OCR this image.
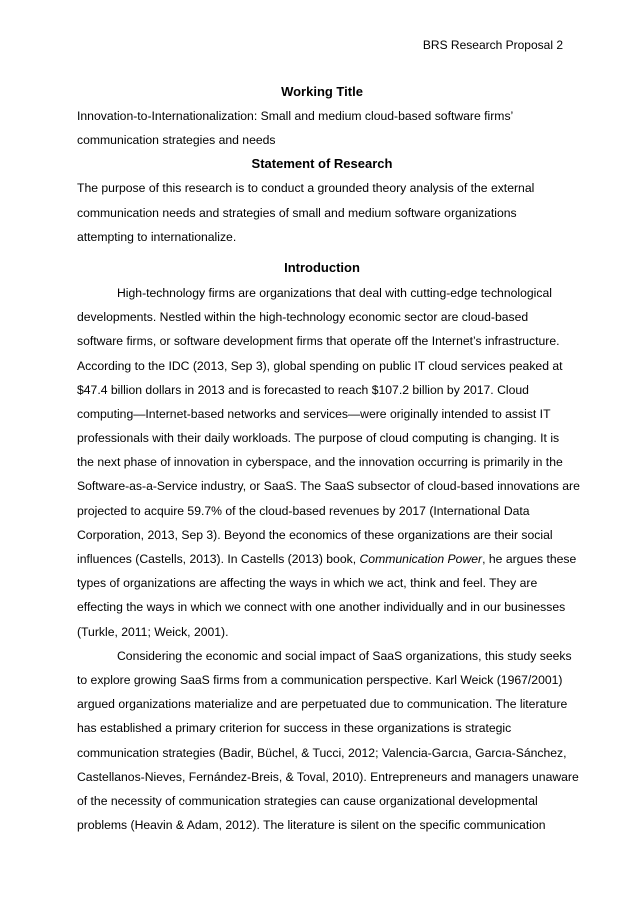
BRS Research Proposal 2
Working Title
Innovation-to-Internationalization: Small and medium cloud-based software firms’
communication strategies and needs
Statement of Research
The purpose of this research is to conduct a grounded theory analysis of the external
communication needs and strategies of small and medium software organizations
attempting to internationalize.
Introduction
High-technology firms are organizations that deal with cutting-edge technological
developments. Nestled within the high-technology economic sector are cloud-based
software firms, or software development firms that operate off the Internet’s infrastructure.
According to the IDC (2013, Sep 3), global spending on public IT cloud services peaked at
$47.4 billion dollars in 2013 and is forecasted to reach $107.2 billion by 2017. Cloud
computing—Internet-based networks and services—were originally intended to assist IT
professionals with their daily workloads. The purpose of cloud computing is changing. It is
the next phase of innovation in cyberspace, and the innovation occurring is primarily in the
Software-as-a-Service industry, or SaaS. The SaaS subsector of cloud-based innovations are
projected to acquire 59.7% of the cloud-based revenues by 2017 (International Data
Corporation, 2013, Sep 3). Beyond the economics of these organizations are their social
influences (Castells, 2013). In Castells (2013) book, Communication Power, he argues these
types of organizations are affecting the ways in which we act, think and feel. They are
effecting the ways in which we connect with one another individually and in our businesses
(Turkle, 2011; Weick, 2001).
Considering the economic and social impact of SaaS organizations, this study seeks
to explore growing SaaS firms from a communication perspective. Karl Weick (1967/2001)
argued organizations materialize and are perpetuated due to communication. The literature
has established a primary criterion for success in these organizations is strategic
communication strategies (Badir, Büchel, & Tucci, 2012; Valencia-Garcıa, Garcıa-Sánchez,
Castellanos-Nieves, Fernández-Breis, & Toval, 2010). Entrepreneurs and managers unaware
of the necessity of communication strategies can cause organizational developmental
problems (Heavin & Adam, 2012). The literature is silent on the specific communication
